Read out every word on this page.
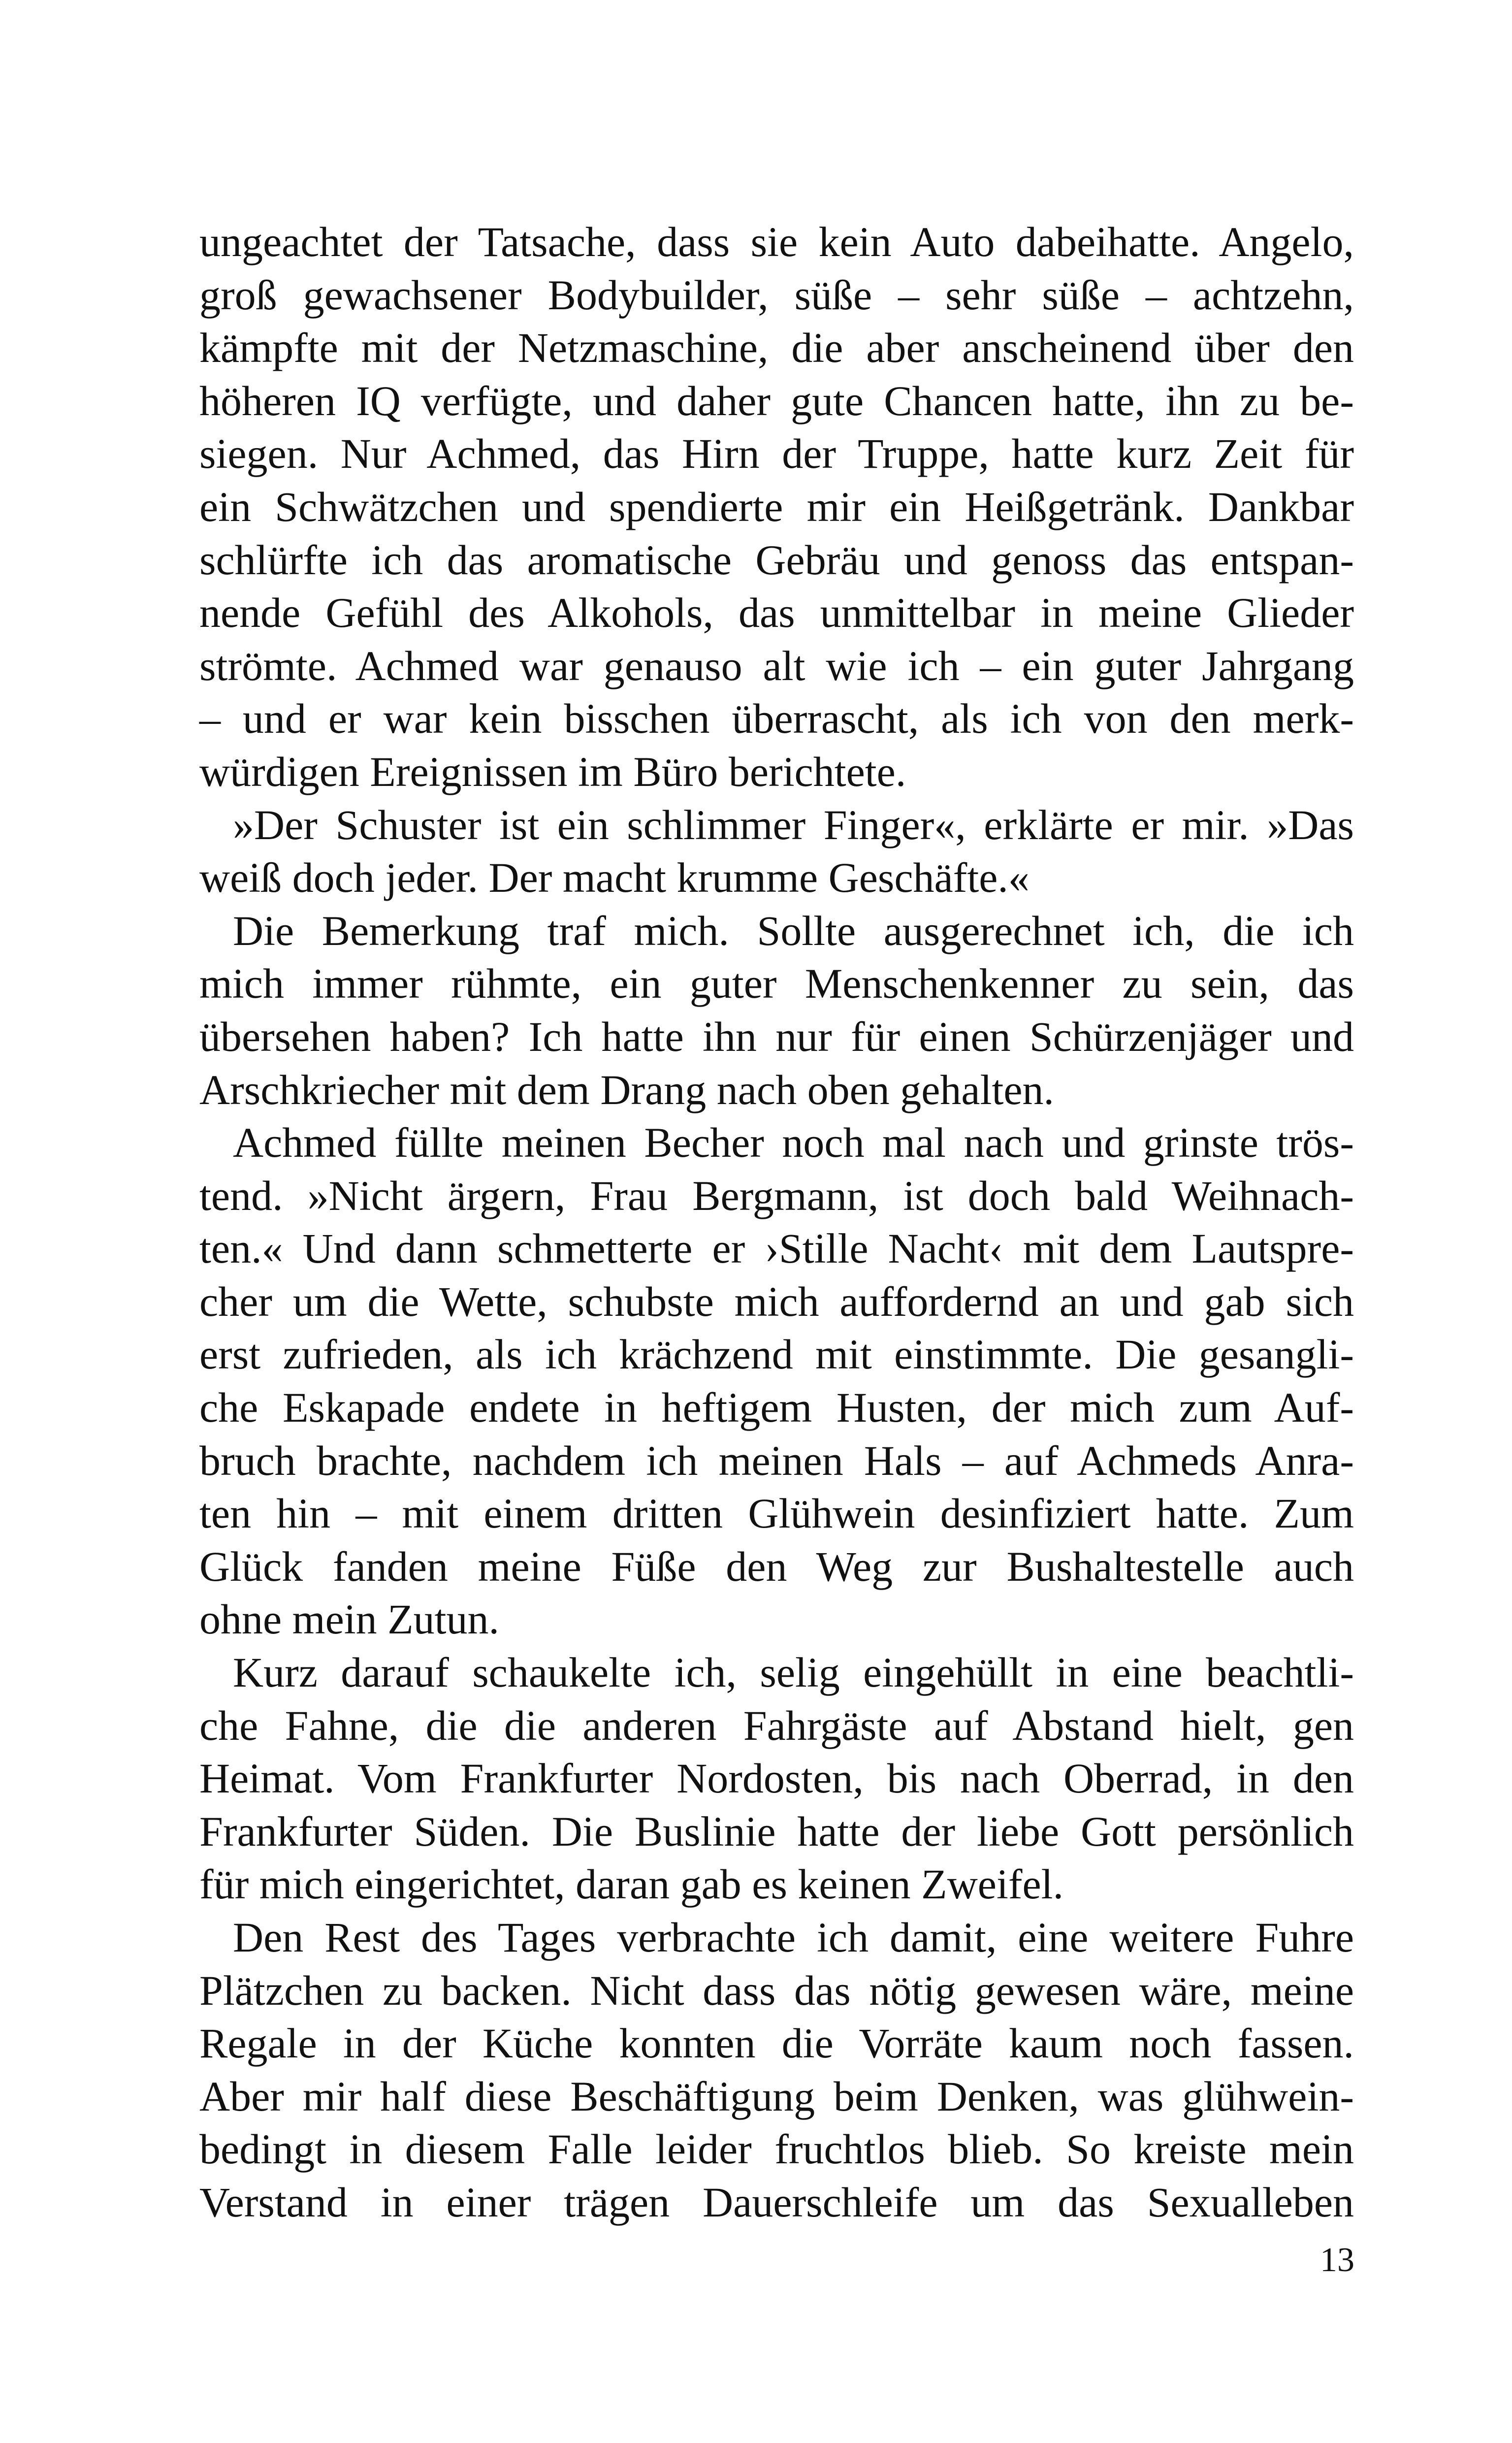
ungeachtet der Tatsache, dass sie kein Auto dabeihatte. Angelo,
groß gewachsener Bodybuilder, süße – sehr süße – achtzehn,
kämpfte mit der Netzmaschine, die aber anscheinend über den
höheren IQ verfügte, und daher gute Chancen hatte, ihn zu be-
siegen. Nur Achmed, das Hirn der Truppe, hatte kurz Zeit für
ein Schwätzchen und spendierte mir ein Heißgetränk. Dankbar
schlürfte ich das aromatische Gebräu und genoss das entspan-
nende Gefühl des Alkohols, das unmittelbar in meine Glieder
strömte. Achmed war genauso alt wie ich – ein guter Jahrgang
– und er war kein bisschen überrascht, als ich von den merk-
würdigen Ereignissen im Büro berichtete.
»Der Schuster ist ein schlimmer Finger«, erklärte er mir. »Das
weiß doch jeder. Der macht krumme Geschäfte.«
Die Bemerkung traf mich. Sollte ausgerechnet ich, die ich
mich immer rühmte, ein guter Menschenkenner zu sein, das
übersehen haben? Ich hatte ihn nur für einen Schürzenjäger und
Arschkriecher mit dem Drang nach oben gehalten.
Achmed füllte meinen Becher noch mal nach und grinste trös-
tend. »Nicht ärgern, Frau Bergmann, ist doch bald Weihnach-
ten.« Und dann schmetterte er ›Stille Nacht‹ mit dem Lautspre-
cher um die Wette, schubste mich auffordernd an und gab sich
erst zufrieden, als ich krächzend mit einstimmte. Die gesangli-
che Eskapade endete in heftigem Husten, der mich zum Auf-
bruch brachte, nachdem ich meinen Hals – auf Achmeds Anra-
ten hin – mit einem dritten Glühwein desinfiziert hatte. Zum
Glück fanden meine Füße den Weg zur Bushaltestelle auch
ohne mein Zutun.
Kurz darauf schaukelte ich, selig eingehüllt in eine beachtli-
che Fahne, die die anderen Fahrgäste auf Abstand hielt, gen
Heimat. Vom Frankfurter Nordosten, bis nach Oberrad, in den
Frankfurter Süden. Die Buslinie hatte der liebe Gott persönlich
für mich eingerichtet, daran gab es keinen Zweifel.
Den Rest des Tages verbrachte ich damit, eine weitere Fuhre
Plätzchen zu backen. Nicht dass das nötig gewesen wäre, meine
Regale in der Küche konnten die Vorräte kaum noch fassen.
Aber mir half diese Beschäftigung beim Denken, was glühwein-
bedingt in diesem Falle leider fruchtlos blieb. So kreiste mein
Verstand in einer trägen Dauerschleife um das Sexualleben
13
